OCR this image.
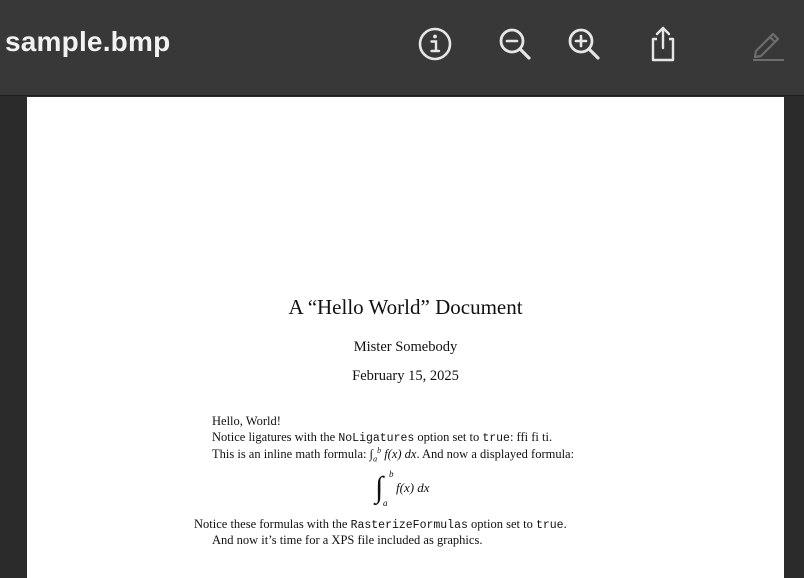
sample.bmp
A “Hello World” Document
Mister Somebody
February 15, 2025
Hello, World!
Notice ligatures with the NoLigatures option set to true: ffi fi ti.
This is an inline math formula: $\int_a^b$ f(x) dx. And now a displayed formula:
∫ b
a
f(x) dx
Notice these formulas with the RasterizeFormulas option set to true.
And now it’s time for a XPS file included as graphics.
